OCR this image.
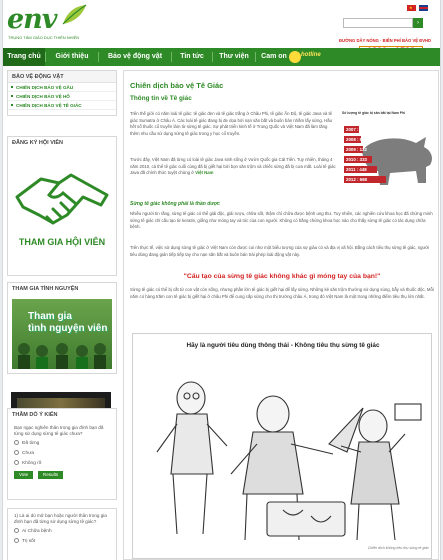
env
TRUNG TÂM GIÁO DỤC THIÊN NHIÊN
★
›
ĐƯỜNG DÂY NÓNG · BIỂN PHÍ BẢO VỆ ĐVHD
Trang chủ	Giới thiệu	Bảo vệ động vật	Tin tức	Thư viện	Cam on	hotline
BẢO VỆ ĐỘNG VẬT
CHIẾN DỊCH BẢO VỆ GẤU
CHIẾN DỊCH BẢO VỆ HỔ
CHIẾN DỊCH BẢO VỆ TÊ GIÁC
ĐĂNG KÝ HỘI VIÊN
THAM GIA HỘI VIÊN
THAM GIA TÌNH NGUYỆN
Tham gia
tình nguyện viên
THĂM DÒ Ý KIẾN
Bạn ngạc nghiên thân trong gia đình bạn đã từng sử dụng sừng tê giác chưa?
Đã từng
Chưa
Không rõ
Vote	Results
1) Là ai dù mở bạn hoặc người thân trong gia đình bạn đã từng sử dụng sừng tê giác?
Ai Chữa bệnh
Trị sốt
Chiến dịch bảo vệ Tê Giác
Thông tin về Tê giác
Trên thế giới có năm loài tê giác: tê giác đen và tê giác trắng ở Châu Phi, tê giác Ấn Độ, tê giác Java và tê giác Sumatra ở Châu Á. Các loài tê giác đang bị đe dọa bởi nạn săn bắt và buôn bán nhằm lấy sừng. Hầu hết số thuốc cổ truyền làm từ sừng tê giác. Sự phát triển kinh tế ở Trung Quốc và Việt Nam đã làm tăng thêm nhu cầu sử dụng sừng tê giác trong y học cổ truyền.
Trước đây, Việt Nam đã từng có loài tê giác Java sinh sống ở Vườn Quốc gia Cát Tiên. Tuy nhiên, tháng 4 năm 2010, cá thể tê giác cuối cùng đã bị giết hại bởi bọn săn trộm và chiếc sừng đã bị cưa mất. Loài tê giác Java đã chính thức tuyệt chủng ở Việt Nam
Số lượng tê giác bị săn bắt tại Nam Phi
2007 : 13
2008 : 83
2009 : 122
2010 : 333
2011 : 448
2012 : 668
Sừng tê giác không phải là thần dược
Nhiều người tin rằng, sừng tê giác có thể giải độc, giải rượu, chữa sốt, thậm chí chữa được bệnh ung thư. Tuy nhiên, các nghiên cứu khoa học đã chứng minh sừng tê giác chỉ cấu tạo từ keratin, giống như móng tay và tóc của con người. Không có bằng chứng khoa học nào cho thấy sừng tê giác có tác dụng chữa bệnh.
Trên thực tế, việc sử dụng sừng tê giác ở Việt Nam còn được coi như một biểu tượng của sự giàu có và địa vị xã hội. Bằng cách tiêu thụ sừng tê giác, người tiêu dùng đang gián tiếp tiếp tay cho nạn săn bắt và buôn bán trái phép loài động vật này.
"Cấu tạo của sừng tê giác không khác gì móng tay của bạn!"
Sừng tê giác có thể bị cắt từ con vật còn sống, nhưng phần lớn tê giác bị giết hại để lấy sừng. Những kẻ săn trộm thường sử dụng súng, bẫy và thuốc độc. Mỗi năm có hàng trăm con tê giác bị giết hại ở châu Phi để cung cấp sừng cho thị trường châu Á, trong đó Việt Nam là một trong những điểm tiêu thụ lớn nhất.
Hãy là người tiêu dùng thông thái - Không tiêu thụ sừng tê giác
Chiến dịch không tiêu thụ sừng tê giác
